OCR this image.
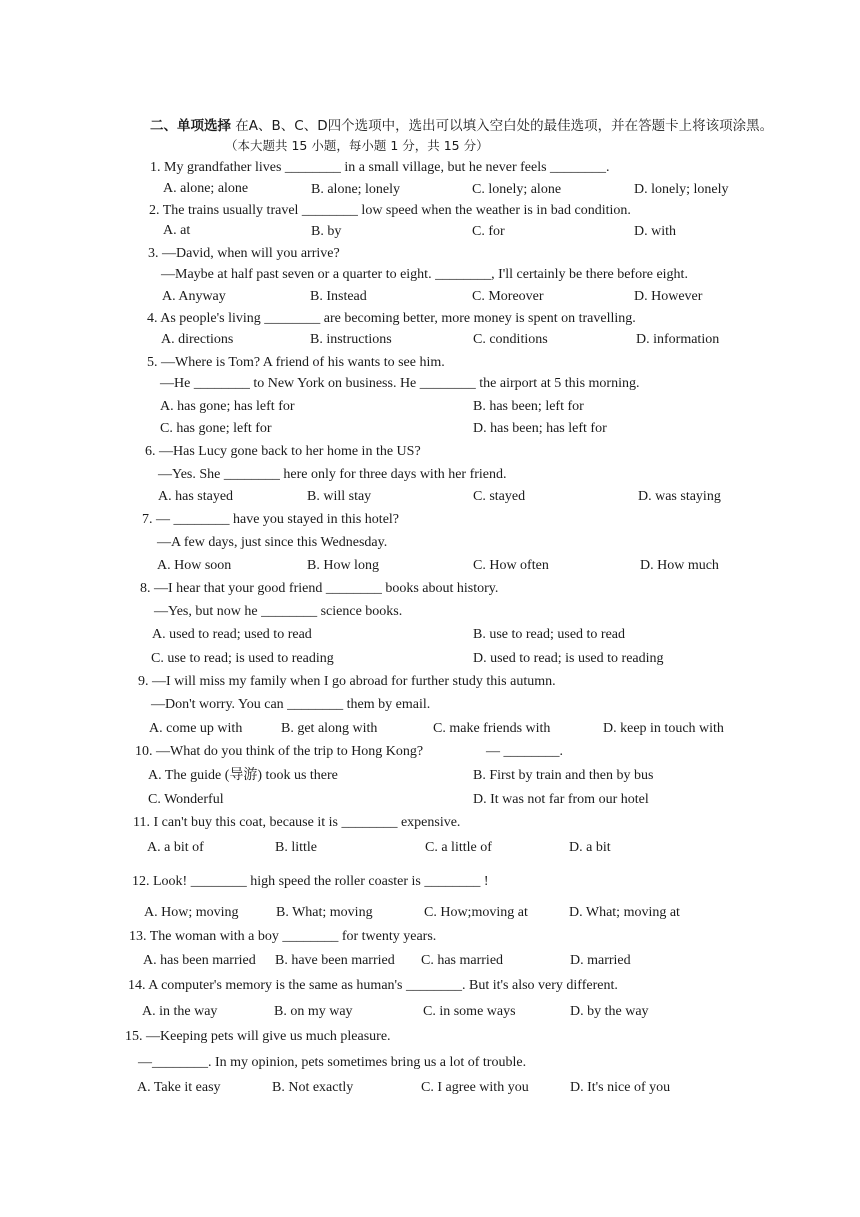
二、单项选择 在A、B、C、D四个选项中，选出可以填入空白处的最佳选项，并在答题卡上将该项涂黑。
（本大题共 15 小题，每小题 1 分，共 15 分）
1. My grandfather lives ________ in a small village, but he never feels ________.
A. alone; alone	B. alone; lonely	C. lonely; alone	D. lonely; lonely
2. The trains usually travel ________ low speed when the weather is in bad condition.
A. at	B. by	C. for	D. with
3. —David, when will you arrive?
—Maybe at half past seven or a quarter to eight. ________, I'll certainly be there before eight.
A. Anyway	B. Instead	C. Moreover	D. However
4. As people's living ________ are becoming better, more money is spent on travelling.
A. directions	B. instructions	C. conditions	D. information
5. —Where is Tom? A friend of his wants to see him.
—He ________ to New York on business. He ________ the airport at 5 this morning.
A. has gone; has left for	B. has been; left for
C. has gone; left for	D. has been; has left for
6. —Has Lucy gone back to her home in the US?
—Yes. She ________ here only for three days with her friend.
A. has stayed	B. will stay	C. stayed	D. was staying
7. — ________ have you stayed in this hotel?
—A few days, just since this Wednesday.
A. How soon	B. How long	C. How often	D. How much
8. —I hear that your good friend ________ books about history.
—Yes, but now he ________ science books.
A. used to read; used to read	B. use to read; used to read
C. use to read; is used to reading	D. used to read; is used to reading
9. —I will miss my family when I go abroad for further study this autumn.
—Don't worry. You can ________ them by email.
A. come up with	B. get along with	C. make friends with	D. keep in touch with
10. —What do you think of the trip to Hong Kong?	— ________.
A. The guide (导游) took us there	B. First by train and then by bus
C. Wonderful	D. It was not far from our hotel
11. I can't buy this coat, because it is ________ expensive.
A. a bit of	B. little	C. a little of	D. a bit
12. Look! ________ high speed the roller coaster is ________ !
A. How; moving	B. What; moving	C. How;moving at	D. What; moving at
13. The woman with a boy ________ for twenty years.
A. has been married B. have been married C. has married	D. married
14. A computer's memory is the same as human's ________. But it's also very different.
A. in the way	B. on my way	C. in some ways	D. by the way
15. —Keeping pets will give us much pleasure.
—________. In my opinion, pets sometimes bring us a lot of trouble.
A. Take it easy	B. Not exactly	C. I agree with you	D. It's nice of you
